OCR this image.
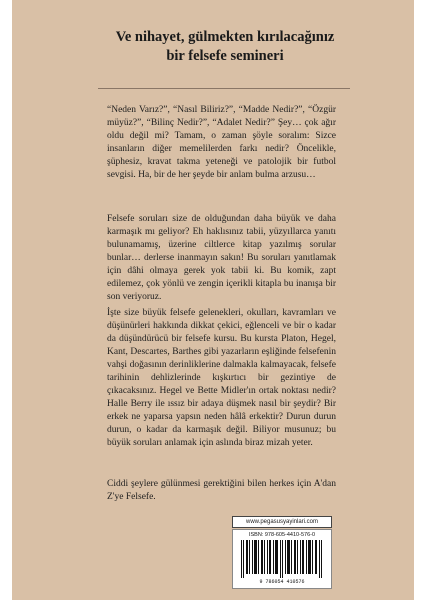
Ve nihayet, gülmekten kırılacağınız
bir felsefe semineri

“Neden Varız?”, “Nasıl Biliriz?”, “Madde Nedir?”, “Özgür müyüz?”, “Bilinç Nedir?”, “Adalet Nedir?” Şey… çok ağır oldu değil mi? Tamam, o zaman şöyle soralım: Sizce insanların diğer memelilerden farkı nedir? Öncelikle, şüphesiz, kravat takma yeteneği ve patolojik bir futbol sevgisi. Ha, bir de her şeyde bir anlam bulma arzusu…

Felsefe soruları size de olduğundan daha büyük ve daha karmaşık mı geliyor? Eh haklısınız tabii, yüzyıllarca yanıtı bulunamamış, üzerine ciltlerce kitap yazılmış sorular bunlar… derlerse inanmayın sakın! Bu soruları yanıtlamak için dâhi olmaya gerek yok tabii ki. Bu komik, zapt edilemez, çok yönlü ve zengin içerikli kitapla bu inanışa bir son veriyoruz.

İşte size büyük felsefe gelenekleri, okulları, kavramları ve düşünürleri hakkında dikkat çekici, eğlenceli ve bir o kadar da düşündürücü bir felsefe kursu. Bu kursta Platon, Hegel, Kant, Descartes, Barthes gibi yazarların eşliğinde felsefenin vahşi doğasının derinliklerine dalmakla kalmayacak, felsefe tarihinin dehlizlerinde kışkırtıcı bir gezintiye de çıkacaksınız. Hegel ve Bette Midler'ın ortak noktası nedir? Halle Berry ile ıssız bir adaya düşmek nasıl bir şeydir? Bir erkek ne yaparsa yapsın neden hâlâ erkektir? Durun durun durun, o kadar da karmaşık değil. Biliyor musunuz; bu büyük soruları anlamak için aslında biraz mizah yeter.

Ciddi şeylere gülünmesi gerektiğini bilen herkes için A'dan Z'ye Felsefe.

www.pegasusyayinlari.com
ISBN: 978-605-4410-576-0
9 786054 410576
